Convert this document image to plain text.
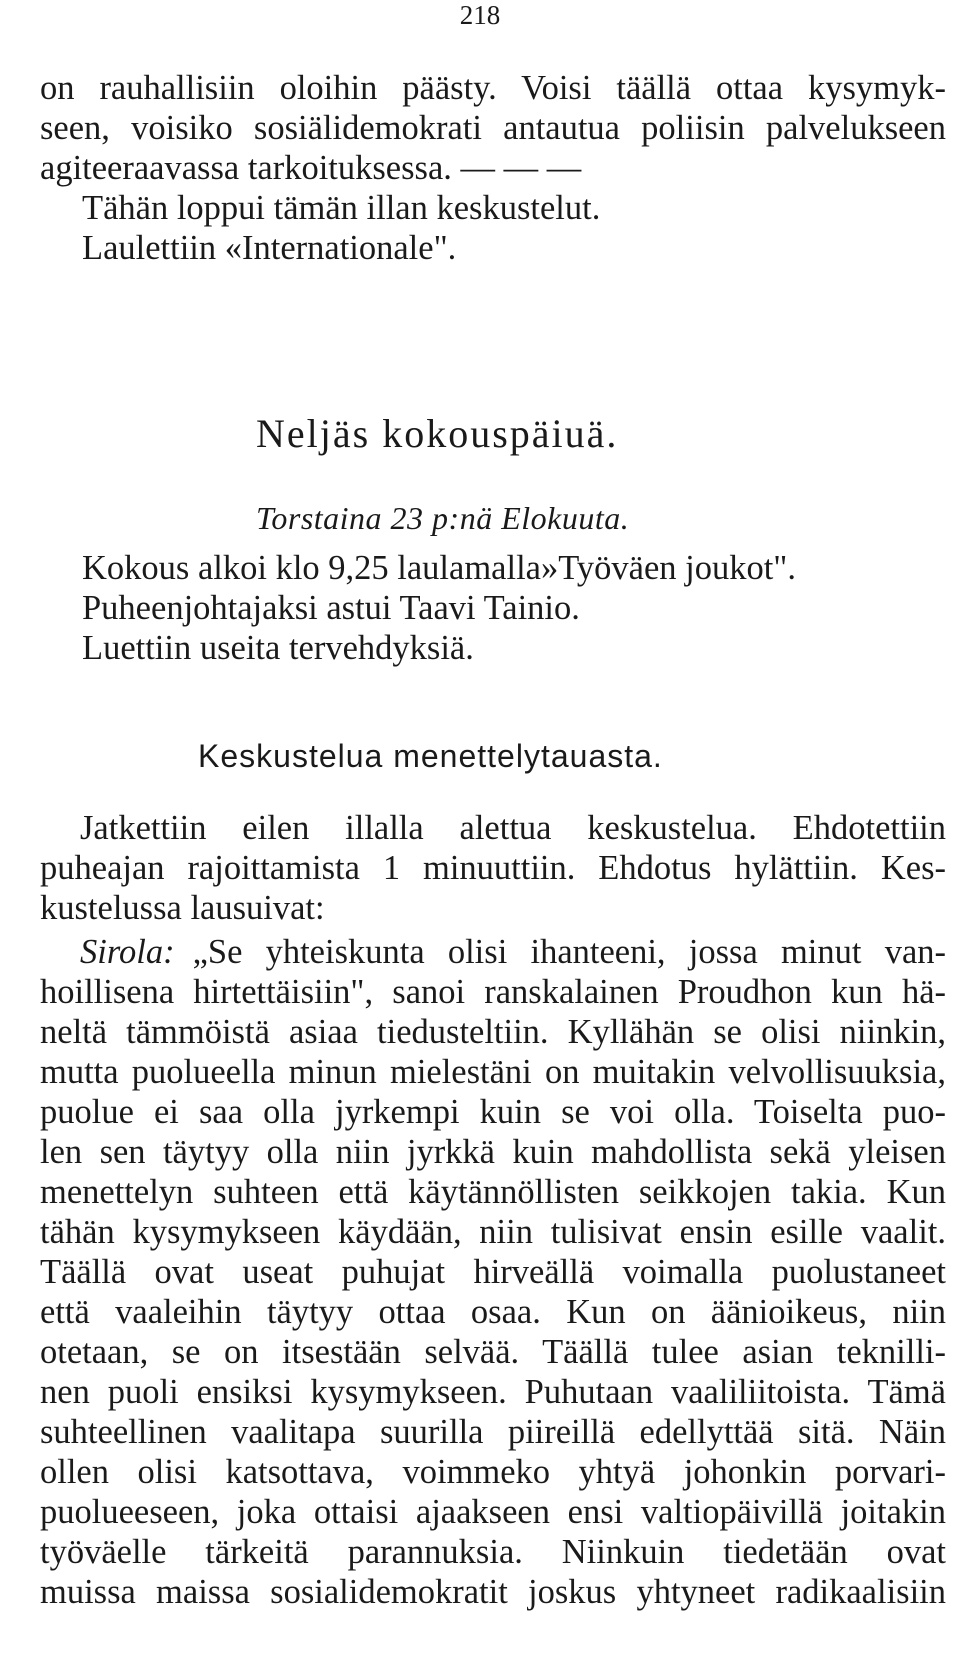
218
on rauhallisiin oloihin päästy. Voisi täällä ottaa kysymyk-
seen, voisiko sosiälidemokrati antautua poliisin palvelukseen
agiteeraavassa tarkoituksessa. — — —
Tähän loppui tämän illan keskustelut.
Laulettiin «Internationale".
Neljäs kokouspäiuä.
Torstaina 23 p:nä Elokuuta.
Kokous alkoi klo 9,25 laulamalla»Työväen joukot".
Puheenjohtajaksi astui Taavi Tainio.
Luettiin useita tervehdyksiä.
Keskustelua menettelytauasta.
Jatkettiin eilen illalla alettua keskustelua. Ehdotettiin
puheajan rajoittamista 1 minuuttiin. Ehdotus hylättiin. Kes-
kustelussa lausuivat:
Sirola: „Se yhteiskunta olisi ihanteeni, jossa minut van-
hoillisena hirtettäisiin", sanoi ranskalainen Proudhon kun hä-
neltä tämmöistä asiaa tiedusteltiin. Kyllähän se olisi niinkin,
mutta puolueella minun mielestäni on muitakin velvollisuuksia,
puolue ei saa olla jyrkempi kuin se voi olla. Toiselta puo-
len sen täytyy olla niin jyrkkä kuin mahdollista sekä yleisen
menettelyn suhteen että käytännöllisten seikkojen takia. Kun
tähän kysymykseen käydään, niin tulisivat ensin esille vaalit.
Täällä ovat useat puhujat hirveällä voimalla puolustaneet
että vaaleihin täytyy ottaa osaa. Kun on äänioikeus, niin
otetaan, se on itsestään selvää. Täällä tulee asian teknilli-
nen puoli ensiksi kysymykseen. Puhutaan vaaliliitoista. Tämä
suhteellinen vaalitapa suurilla piireillä edellyttää sitä. Näin
ollen olisi katsottava, voimmeko yhtyä johonkin porvari-
puolueeseen, joka ottaisi ajaakseen ensi valtiopäivillä joitakin
työväelle tärkeitä parannuksia. Niinkuin tiedetään ovat
muissa maissa sosialidemokratit joskus yhtyneet radikaalisiin
